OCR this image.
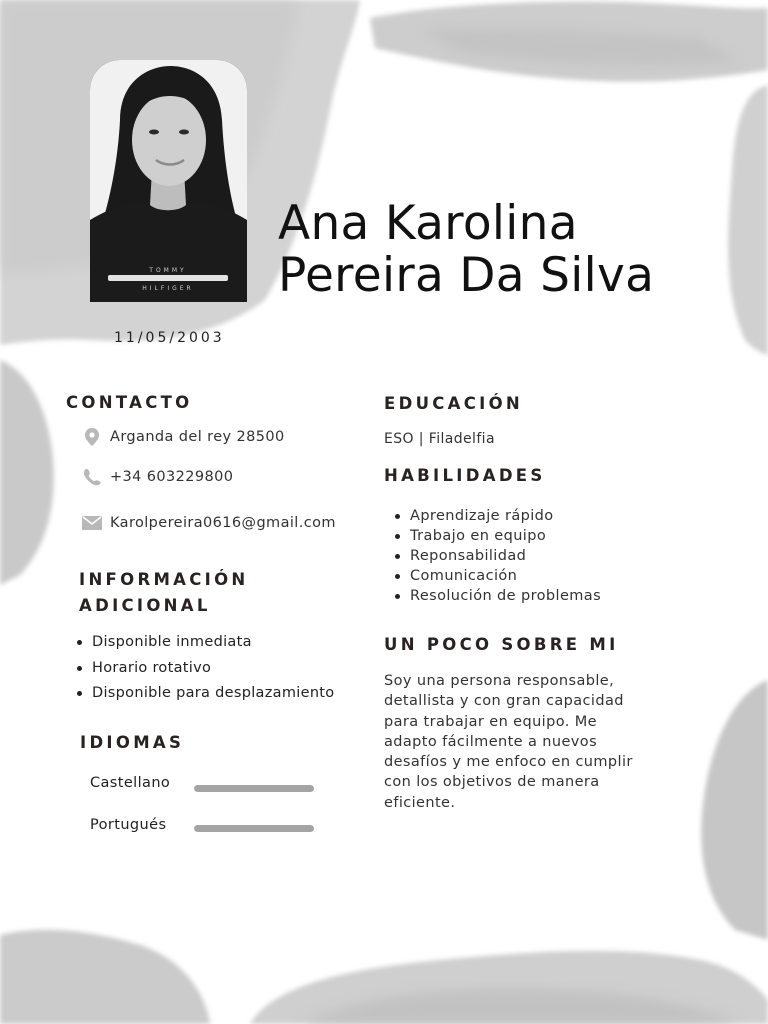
TOMMY
HILFIGER
Ana Karolina
Pereira Da Silva
11/05/2003
CONTACTO
Arganda del rey 28500
+34 603229800
Karolpereira0616@gmail.com
INFORMACIÓN
ADICIONAL
Disponible inmediata
Horario rotativo
Disponible para desplazamiento
IDIOMAS
Castellano
Portugués
EDUCACIÓN
ESO | Filadelfia
HABILIDADES
Aprendizaje rápido
Trabajo en equipo
Reponsabilidad
Comunicación
Resolución de problemas
UN POCO SOBRE MI
Soy una persona responsable, detallista y con gran capacidad para trabajar en equipo. Me adapto fácilmente a nuevos desafíos y me enfoco en cumplir con los objetivos de manera eficiente.
